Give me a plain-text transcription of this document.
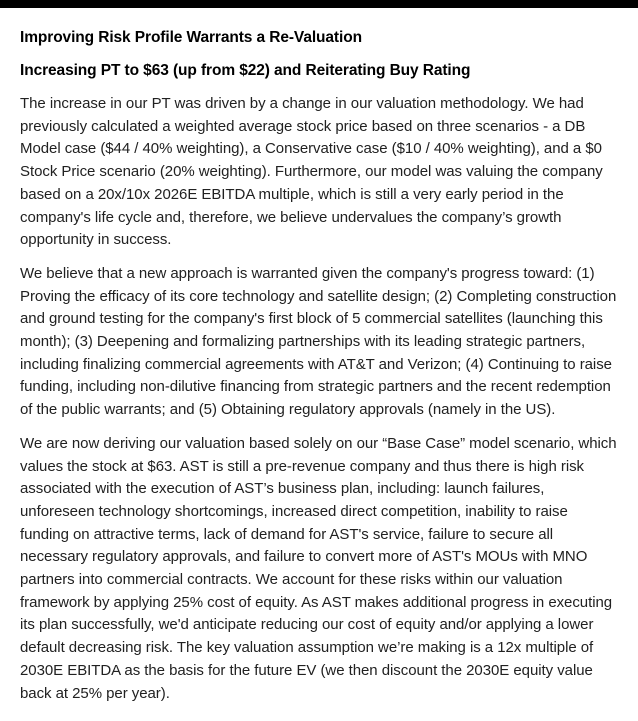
Improving Risk Profile Warrants a Re-Valuation
Increasing PT to $63 (up from $22) and Reiterating Buy Rating

The increase in our PT was driven by a change in our valuation methodology. We had previously calculated a weighted average stock price based on three scenarios - a DB Model case ($44 / 40% weighting), a Conservative case ($10 / 40% weighting), and a $0 Stock Price scenario (20% weighting). Furthermore, our model was valuing the company based on a 20x/10x 2026E EBITDA multiple, which is still a very early period in the company's life cycle and, therefore, we believe undervalues the company’s growth opportunity in success.

We believe that a new approach is warranted given the company's progress toward: (1) Proving the efficacy of its core technology and satellite design; (2) Completing construction and ground testing for the company's first block of 5 commercial satellites (launching this month); (3) Deepening and formalizing partnerships with its leading strategic partners, including finalizing commercial agreements with AT&T and Verizon; (4) Continuing to raise funding, including non-dilutive financing from strategic partners and the recent redemption of the public warrants; and (5) Obtaining regulatory approvals (namely in the US).

We are now deriving our valuation based solely on our “Base Case” model scenario, which values the stock at $63. AST is still a pre-revenue company and thus there is high risk associated with the execution of AST’s business plan, including: launch failures, unforeseen technology shortcomings, increased direct competition, inability to raise funding on attractive terms, lack of demand for AST's service, failure to secure all necessary regulatory approvals, and failure to convert more of AST's MOUs with MNO partners into commercial contracts. We account for these risks within our valuation framework by applying 25% cost of equity. As AST makes additional progress in executing its plan successfully, we'd anticipate reducing our cost of equity and/or applying a lower default decreasing risk. The key valuation assumption we’re making is a 12x multiple of 2030E EBITDA as the basis for the future EV (we then discount the 2030E equity value back at 25% per year).
